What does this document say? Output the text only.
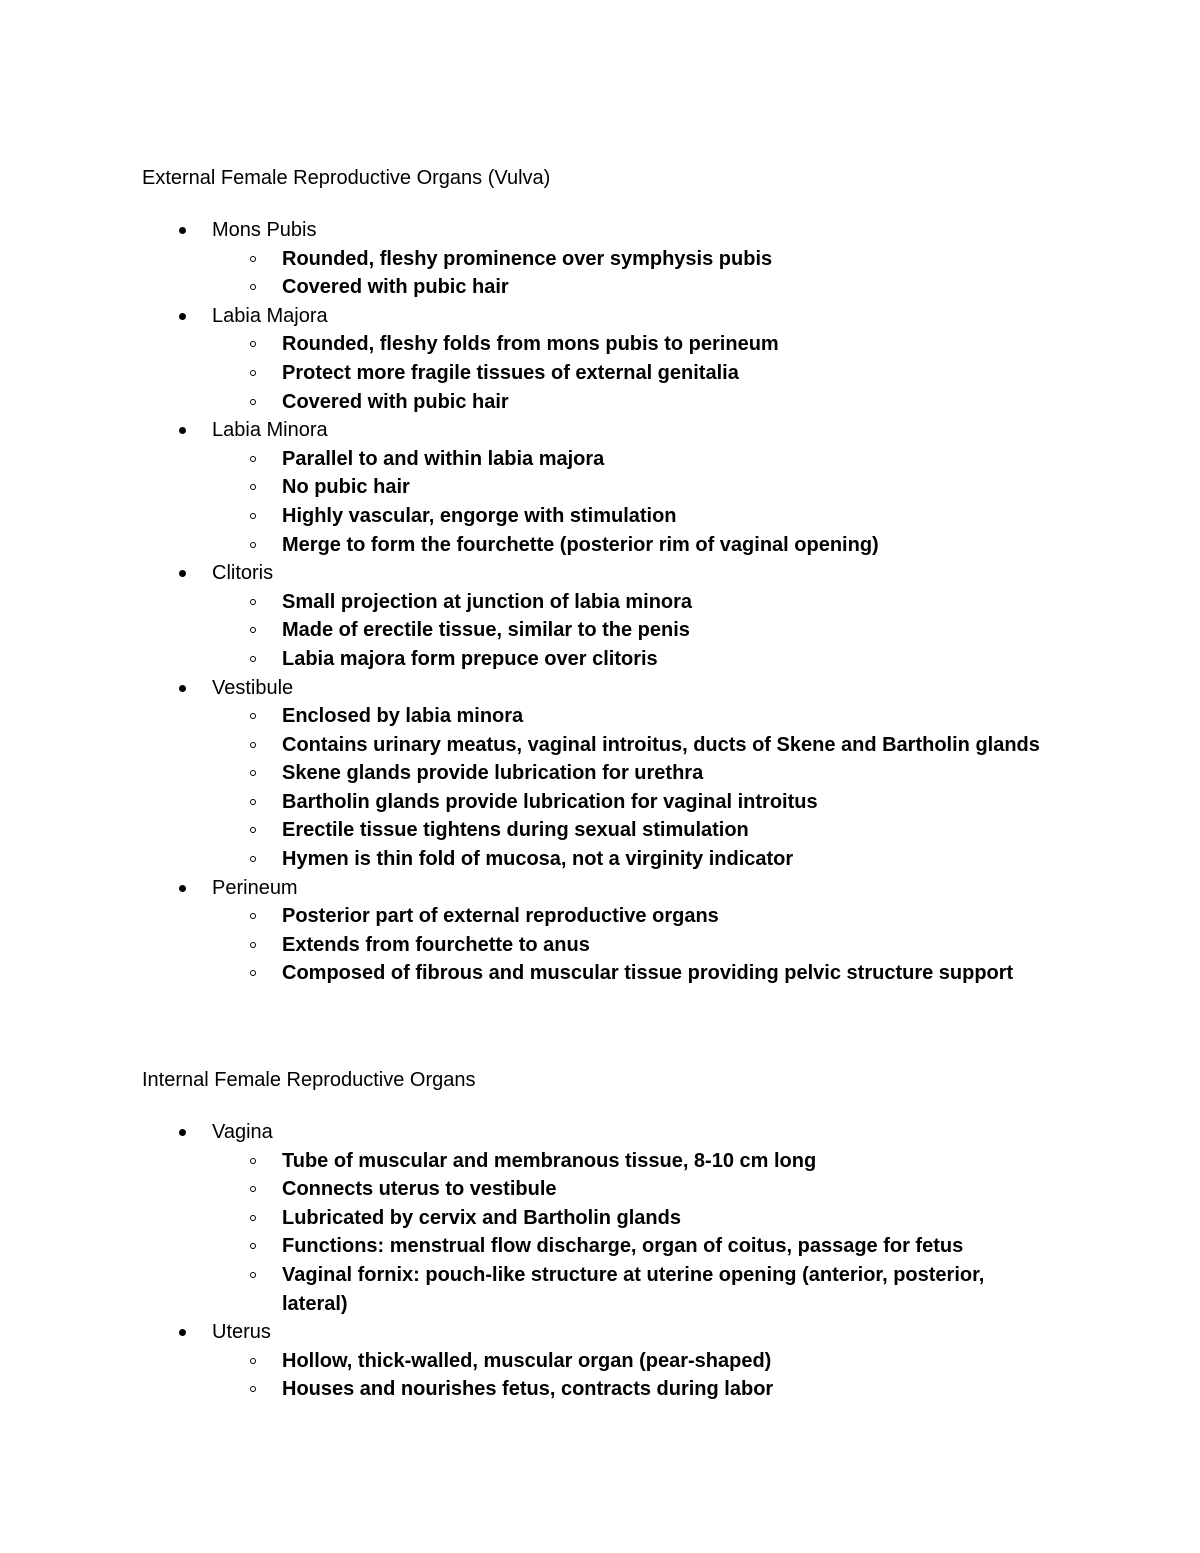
External Female Reproductive Organs (Vulva)
Mons Pubis
Rounded, fleshy prominence over symphysis pubis
Covered with pubic hair
Labia Majora
Rounded, fleshy folds from mons pubis to perineum
Protect more fragile tissues of external genitalia
Covered with pubic hair
Labia Minora
Parallel to and within labia majora
No pubic hair
Highly vascular, engorge with stimulation
Merge to form the fourchette (posterior rim of vaginal opening)
Clitoris
Small projection at junction of labia minora
Made of erectile tissue, similar to the penis
Labia majora form prepuce over clitoris
Vestibule
Enclosed by labia minora
Contains urinary meatus, vaginal introitus, ducts of Skene and Bartholin glands
Skene glands provide lubrication for urethra
Bartholin glands provide lubrication for vaginal introitus
Erectile tissue tightens during sexual stimulation
Hymen is thin fold of mucosa, not a virginity indicator
Perineum
Posterior part of external reproductive organs
Extends from fourchette to anus
Composed of fibrous and muscular tissue providing pelvic structure support
Internal Female Reproductive Organs
Vagina
Tube of muscular and membranous tissue, 8-10 cm long
Connects uterus to vestibule
Lubricated by cervix and Bartholin glands
Functions: menstrual flow discharge, organ of coitus, passage for fetus
Vaginal fornix: pouch-like structure at uterine opening (anterior, posterior, lateral)
Uterus
Hollow, thick-walled, muscular organ (pear-shaped)
Houses and nourishes fetus, contracts during labor
